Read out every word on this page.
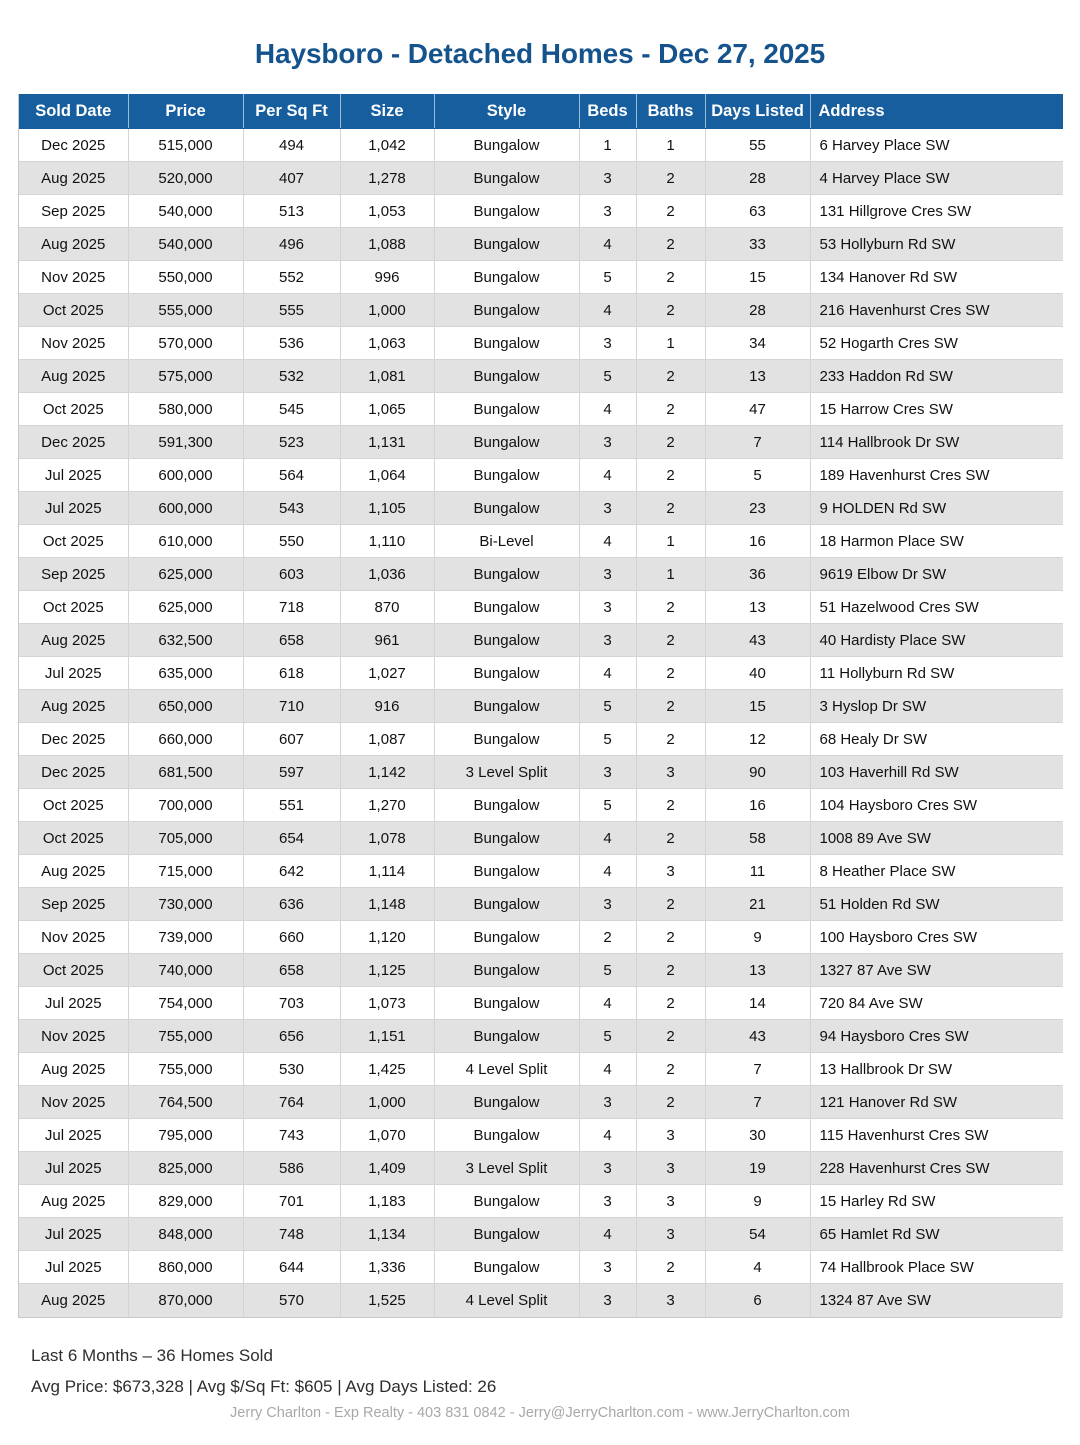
Haysboro - Detached Homes - Dec 27, 2025
Sold Date	Price	Per Sq Ft	Size	Style	Beds	Baths	Days Listed	Address
Dec 2025	515,000	494	1,042	Bungalow	1	1	55	6 Harvey Place SW
Aug 2025	520,000	407	1,278	Bungalow	3	2	28	4 Harvey Place SW
Sep 2025	540,000	513	1,053	Bungalow	3	2	63	131 Hillgrove Cres SW
Aug 2025	540,000	496	1,088	Bungalow	4	2	33	53 Hollyburn Rd SW
Nov 2025	550,000	552	996	Bungalow	5	2	15	134 Hanover Rd SW
Oct 2025	555,000	555	1,000	Bungalow	4	2	28	216 Havenhurst Cres SW
Nov 2025	570,000	536	1,063	Bungalow	3	1	34	52 Hogarth Cres SW
Aug 2025	575,000	532	1,081	Bungalow	5	2	13	233 Haddon Rd SW
Oct 2025	580,000	545	1,065	Bungalow	4	2	47	15 Harrow Cres SW
Dec 2025	591,300	523	1,131	Bungalow	3	2	7	114 Hallbrook Dr SW
Jul 2025	600,000	564	1,064	Bungalow	4	2	5	189 Havenhurst Cres SW
Jul 2025	600,000	543	1,105	Bungalow	3	2	23	9 HOLDEN Rd SW
Oct 2025	610,000	550	1,110	Bi-Level	4	1	16	18 Harmon Place SW
Sep 2025	625,000	603	1,036	Bungalow	3	1	36	9619 Elbow Dr SW
Oct 2025	625,000	718	870	Bungalow	3	2	13	51 Hazelwood Cres SW
Aug 2025	632,500	658	961	Bungalow	3	2	43	40 Hardisty Place SW
Jul 2025	635,000	618	1,027	Bungalow	4	2	40	11 Hollyburn Rd SW
Aug 2025	650,000	710	916	Bungalow	5	2	15	3 Hyslop Dr SW
Dec 2025	660,000	607	1,087	Bungalow	5	2	12	68 Healy Dr SW
Dec 2025	681,500	597	1,142	3 Level Split	3	3	90	103 Haverhill Rd SW
Oct 2025	700,000	551	1,270	Bungalow	5	2	16	104 Haysboro Cres SW
Oct 2025	705,000	654	1,078	Bungalow	4	2	58	1008 89 Ave SW
Aug 2025	715,000	642	1,114	Bungalow	4	3	11	8 Heather Place SW
Sep 2025	730,000	636	1,148	Bungalow	3	2	21	51 Holden Rd SW
Nov 2025	739,000	660	1,120	Bungalow	2	2	9	100 Haysboro Cres SW
Oct 2025	740,000	658	1,125	Bungalow	5	2	13	1327 87 Ave SW
Jul 2025	754,000	703	1,073	Bungalow	4	2	14	720 84 Ave SW
Nov 2025	755,000	656	1,151	Bungalow	5	2	43	94 Haysboro Cres SW
Aug 2025	755,000	530	1,425	4 Level Split	4	2	7	13 Hallbrook Dr SW
Nov 2025	764,500	764	1,000	Bungalow	3	2	7	121 Hanover Rd SW
Jul 2025	795,000	743	1,070	Bungalow	4	3	30	115 Havenhurst Cres SW
Jul 2025	825,000	586	1,409	3 Level Split	3	3	19	228 Havenhurst Cres SW
Aug 2025	829,000	701	1,183	Bungalow	3	3	9	15 Harley Rd SW
Jul 2025	848,000	748	1,134	Bungalow	4	3	54	65 Hamlet Rd SW
Jul 2025	860,000	644	1,336	Bungalow	3	2	4	74 Hallbrook Place SW
Aug 2025	870,000	570	1,525	4 Level Split	3	3	6	1324 87 Ave SW
Last 6 Months – 36 Homes Sold
Avg Price: $673,328 | Avg $/Sq Ft: $605 | Avg Days Listed: 26
Jerry Charlton - Exp Realty - 403 831 0842 - Jerry@JerryCharlton.com - www.JerryCharlton.com
